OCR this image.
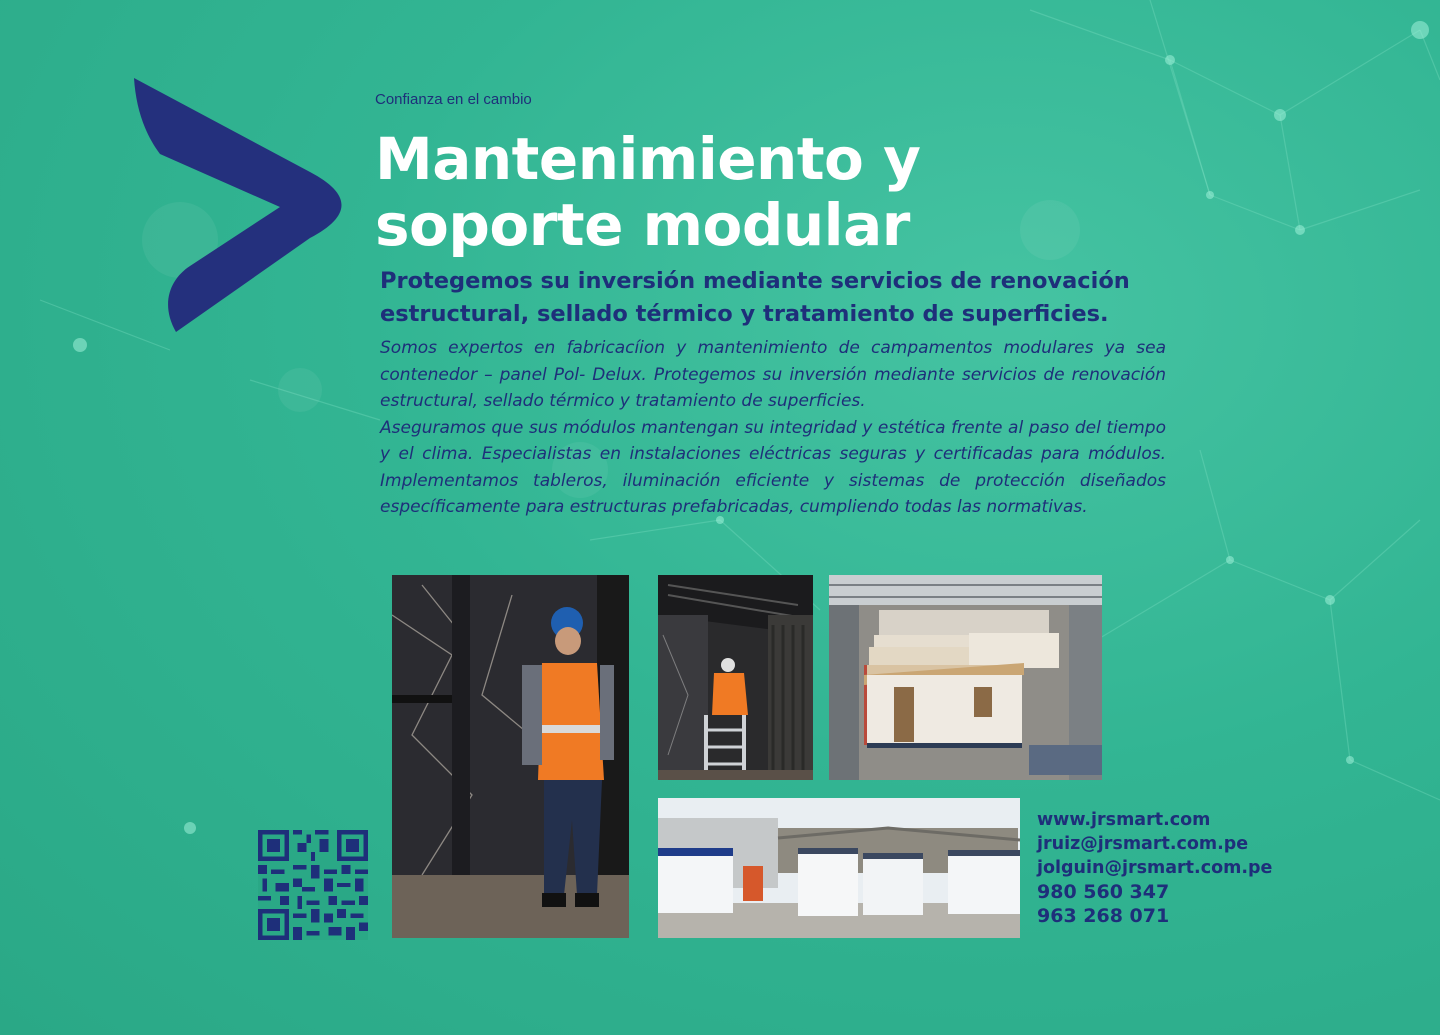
Confianza en el cambio
Mantenimiento y
soporte modular

Protegemos su inversión mediante servicios de renovación estructural, sellado térmico y tratamiento de superficies.

Somos expertos en fabricacíion y mantenimiento de campamentos modulares ya sea contenedor – panel Pol- Delux. Protegemos su inversión mediante servicios de renovación estructural, sellado térmico y tratamiento de superficies.

Aseguramos que sus módulos mantengan su integridad y estética frente al paso del tiempo y el clima. Especialistas en instalaciones eléctricas seguras y certificadas para módulos. Implementamos tableros, iluminación eficiente y sistemas de protección diseñados específicamente para estructuras prefabricadas, cumpliendo todas las normativas.

www.jrsmart.com
jruiz@jrsmart.com.pe
jolguin@jrsmart.com.pe
980 560 347
963 268 071
